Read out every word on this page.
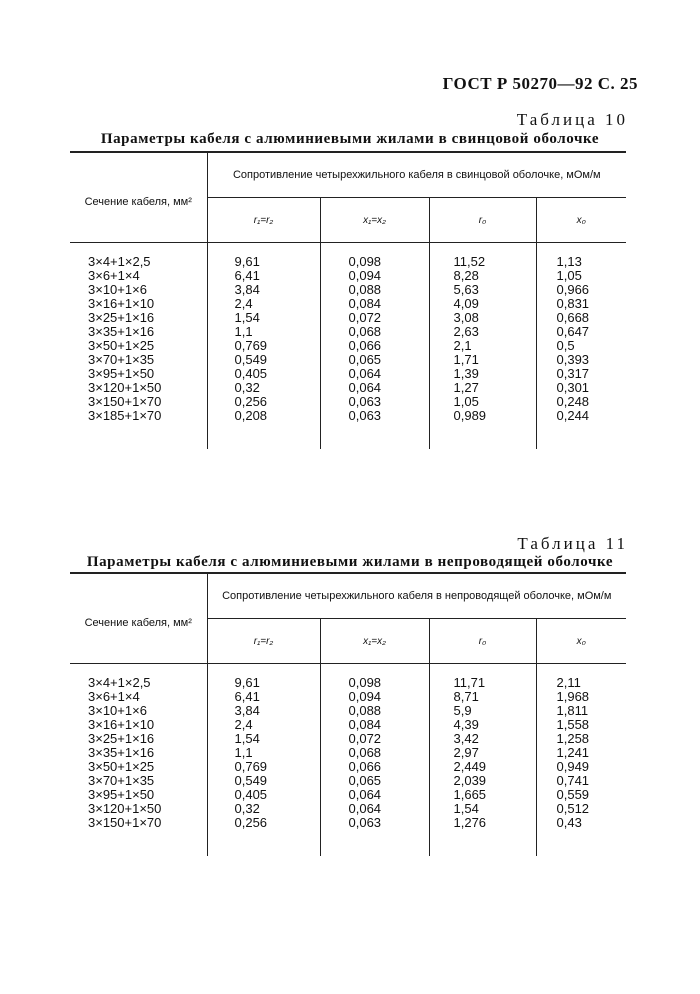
ГОСТ Р 50270—92 С. 25
Таблица 10
Параметры кабеля с алюминиевыми жилами в свинцовой оболочке
Сечение кабеля, мм²	Сопротивление четырехжильного кабеля в свинцовой оболочке, мОм/м			
	r₁=r₂	x₁=x₂	r₀	x₀

3×4+1×2,5	9,61	0,098	11,52	1,13
3×6+1×4	6,41	0,094	8,28	1,05
3×10+1×6	3,84	0,088	5,63	0,966
3×16+1×10	2,4	0,084	4,09	0,831
3×25+1×16	1,54	0,072	3,08	0,668
3×35+1×16	1,1	0,068	2,63	0,647
3×50+1×25	0,769	0,066	2,1	0,5
3×70+1×35	0,549	0,065	1,71	0,393
3×95+1×50	0,405	0,064	1,39	0,317
3×120+1×50	0,32	0,064	1,27	0,301
3×150+1×70	0,256	0,063	1,05	0,248
3×185+1×70	0,208	0,063	0,989	0,244

Таблица 11
Параметры кабеля с алюминиевыми жилами в непроводящей оболочке
Сечение кабеля, мм²	Сопротивление четырехжильного кабеля в непроводящей оболочке, мОм/м			
	r₁=r₂	x₁=x₂	r₀	x₀

3×4+1×2,5	9,61	0,098	11,71	2,11
3×6+1×4	6,41	0,094	8,71	1,968
3×10+1×6	3,84	0,088	5,9	1,811
3×16+1×10	2,4	0,084	4,39	1,558
3×25+1×16	1,54	0,072	3,42	1,258
3×35+1×16	1,1	0,068	2,97	1,241
3×50+1×25	0,769	0,066	2,449	0,949
3×70+1×35	0,549	0,065	2,039	0,741
3×95+1×50	0,405	0,064	1,665	0,559
3×120+1×50	0,32	0,064	1,54	0,512
3×150+1×70	0,256	0,063	1,276	0,43
